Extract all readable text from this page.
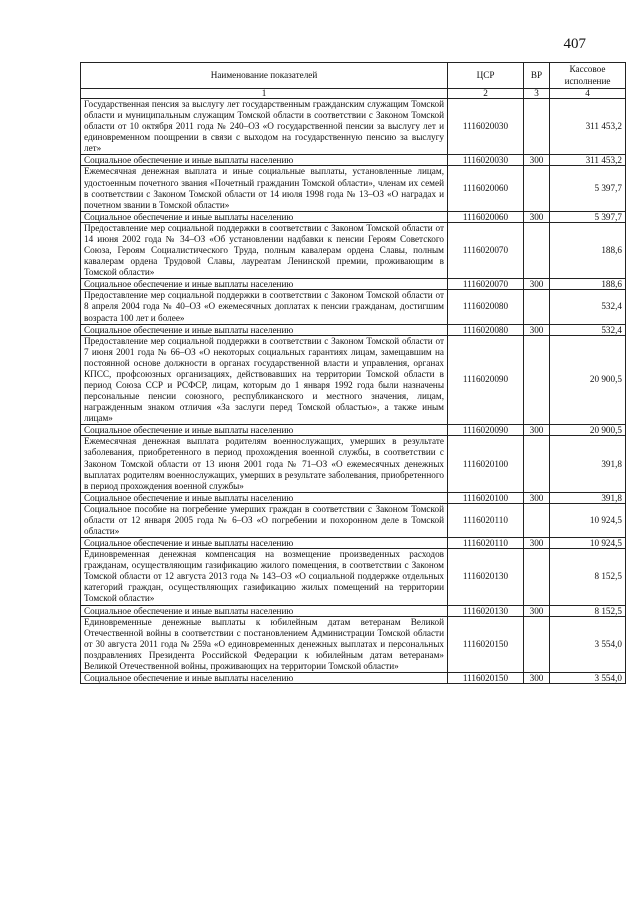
407
Наименование показателей	ЦСР	ВР	Кассовое исполнение
1	2	3	4
Государственная пенсия за выслугу лет государственным гражданским служащим Томской области и муниципальным служащим Томской области в соответствии с Законом Томской области от 10 октября 2011 года № 240–ОЗ «О государственной пенсии за выслугу лет и единовременном поощрении в связи с выходом на государственную пенсию за выслугу лет»	1116020030		311 453,2
Социальное обеспечение и иные выплаты населению	1116020030	300	311 453,2
Ежемесячная денежная выплата и иные социальные выплаты, установленные лицам, удостоенным почетного звания «Почетный гражданин Томской области», членам их семей в соответствии с Законом Томской области от 14 июля 1998 года № 13–ОЗ «О наградах и почетном звании в Томской области»	1116020060		5 397,7
Социальное обеспечение и иные выплаты населению	1116020060	300	5 397,7
Предоставление мер социальной поддержки в соответствии с Законом Томской области от 14 июня 2002 года № 34–ОЗ «Об установлении надбавки к пенсии Героям Советского Союза, Героям Социалистического Труда, полным кавалерам ордена Славы, полным кавалерам ордена Трудовой Славы, лауреатам Ленинской премии, проживающим в Томской области»	1116020070		188,6
Социальное обеспечение и иные выплаты населению	1116020070	300	188,6
Предоставление мер социальной поддержки в соответствии с Законом Томской области от 8 апреля 2004 года № 40–ОЗ «О ежемесячных доплатах к пенсии гражданам, достигшим возраста 100 лет и более»	1116020080		532,4
Социальное обеспечение и иные выплаты населению	1116020080	300	532,4
Предоставление мер социальной поддержки в соответствии с Законом Томской области от 7 июня 2001 года № 66–ОЗ «О некоторых социальных гарантиях лицам, замещавшим на постоянной основе должности в органах государственной власти и управления, органах КПСС, профсоюзных организациях, действовавших на территории Томской области в период Союза ССР и РСФСР, лицам, которым до 1 января 1992 года были назначены персональные пенсии союзного, республиканского и местного значения, лицам, награжденным знаком отличия «За заслуги перед Томской областью», а также иным лицам»	1116020090		20 900,5
Социальное обеспечение и иные выплаты населению	1116020090	300	20 900,5
Ежемесячная денежная выплата родителям военнослужащих, умерших в результате заболевания, приобретенного в период прохождения военной службы, в соответствии с Законом Томской области от 13 июня 2001 года № 71–ОЗ «О ежемесячных денежных выплатах родителям военнослужащих, умерших в результате заболевания, приобретенного в период прохождения военной службы»	1116020100		391,8
Социальное обеспечение и иные выплаты населению	1116020100	300	391,8
Социальное пособие на погребение умерших граждан в соответствии с Законом Томской области от 12 января 2005 года № 6–ОЗ «О погребении и похоронном деле в Томской области»	1116020110		10 924,5
Социальное обеспечение и иные выплаты населению	1116020110	300	10 924,5
Единовременная денежная компенсация на возмещение произведенных расходов гражданам, осуществляющим газификацию жилого помещения, в соответствии с Законом Томской области от 12 августа 2013 года № 143–ОЗ «О социальной поддержке отдельных категорий граждан, осуществляющих газификацию жилых помещений на территории Томской области»	1116020130		8 152,5
Социальное обеспечение и иные выплаты населению	1116020130	300	8 152,5
Единовременные денежные выплаты к юбилейным датам ветеранам Великой Отечественной войны в соответствии с постановлением Администрации Томской области от 30 августа 2011 года № 259а «О единовременных денежных выплатах и персональных поздравлениях Президента Российской Федерации к юбилейным датам ветеранам» Великой Отечественной войны, проживающих на территории Томской области»	1116020150		3 554,0
Социальное обеспечение и иные выплаты населению	1116020150	300	3 554,0
